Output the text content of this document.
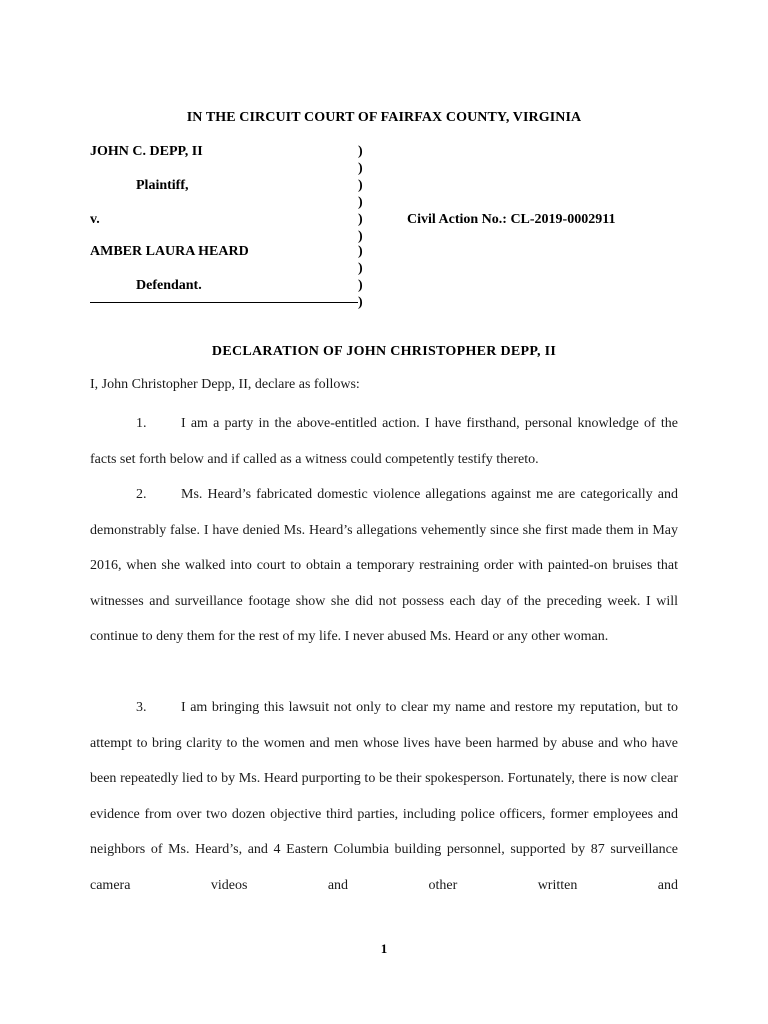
IN THE CIRCUIT COURT OF FAIRFAX COUNTY, VIRGINIA
JOHN C. DEPP, II
Plaintiff,
v.
AMBER LAURA HEARD
Defendant.
)
)
)
)
)
)
)
)
)
)
Civil Action No.: CL-2019-0002911
DECLARATION OF JOHN CHRISTOPHER DEPP, II
I, John Christopher Depp, II, declare as follows:

1. I am a party in the above-entitled action. I have firsthand, personal knowledge of the facts set forth below and if called as a witness could competently testify thereto.

2. Ms. Heard’s fabricated domestic violence allegations against me are categorically and demonstrably false. I have denied Ms. Heard’s allegations vehemently since she first made them in May 2016, when she walked into court to obtain a temporary restraining order with painted-on bruises that witnesses and surveillance footage show she did not possess each day of the preceding week. I will continue to deny them for the rest of my life. I never abused Ms. Heard or any other woman.

3. I am bringing this lawsuit not only to clear my name and restore my reputation, but to attempt to bring clarity to the women and men whose lives have been harmed by abuse and who have been repeatedly lied to by Ms. Heard purporting to be their spokesperson. Fortunately, there is now clear evidence from over two dozen objective third parties, including police officers, former employees and neighbors of Ms. Heard’s, and 4 Eastern Columbia building personnel, supported by 87 surveillance camera videos and other written and

1
